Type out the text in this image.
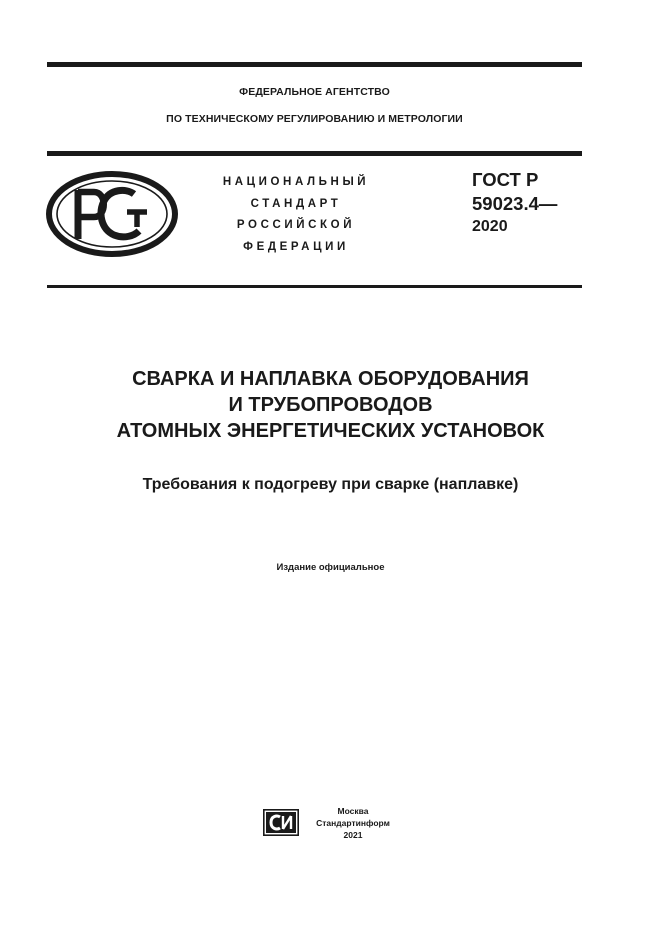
ФЕДЕРАЛЬНОЕ АГЕНТСТВО
ПО ТЕХНИЧЕСКОМУ РЕГУЛИРОВАНИЮ И МЕТРОЛОГИИ
НАЦИОНАЛЬНЫЙ
СТАНДАРТ
РОССИЙСКОЙ
ФЕДЕРАЦИИ
ГОСТ Р
59023.4—
2020
СВАРКА И НАПЛАВКА ОБОРУДОВАНИЯ
И ТРУБОПРОВОДОВ
АТОМНЫХ ЭНЕРГЕТИЧЕСКИХ УСТАНОВОК
Требования к подогреву при сварке (наплавке)
Издание официальное
Москва
Стандартинформ
2021
